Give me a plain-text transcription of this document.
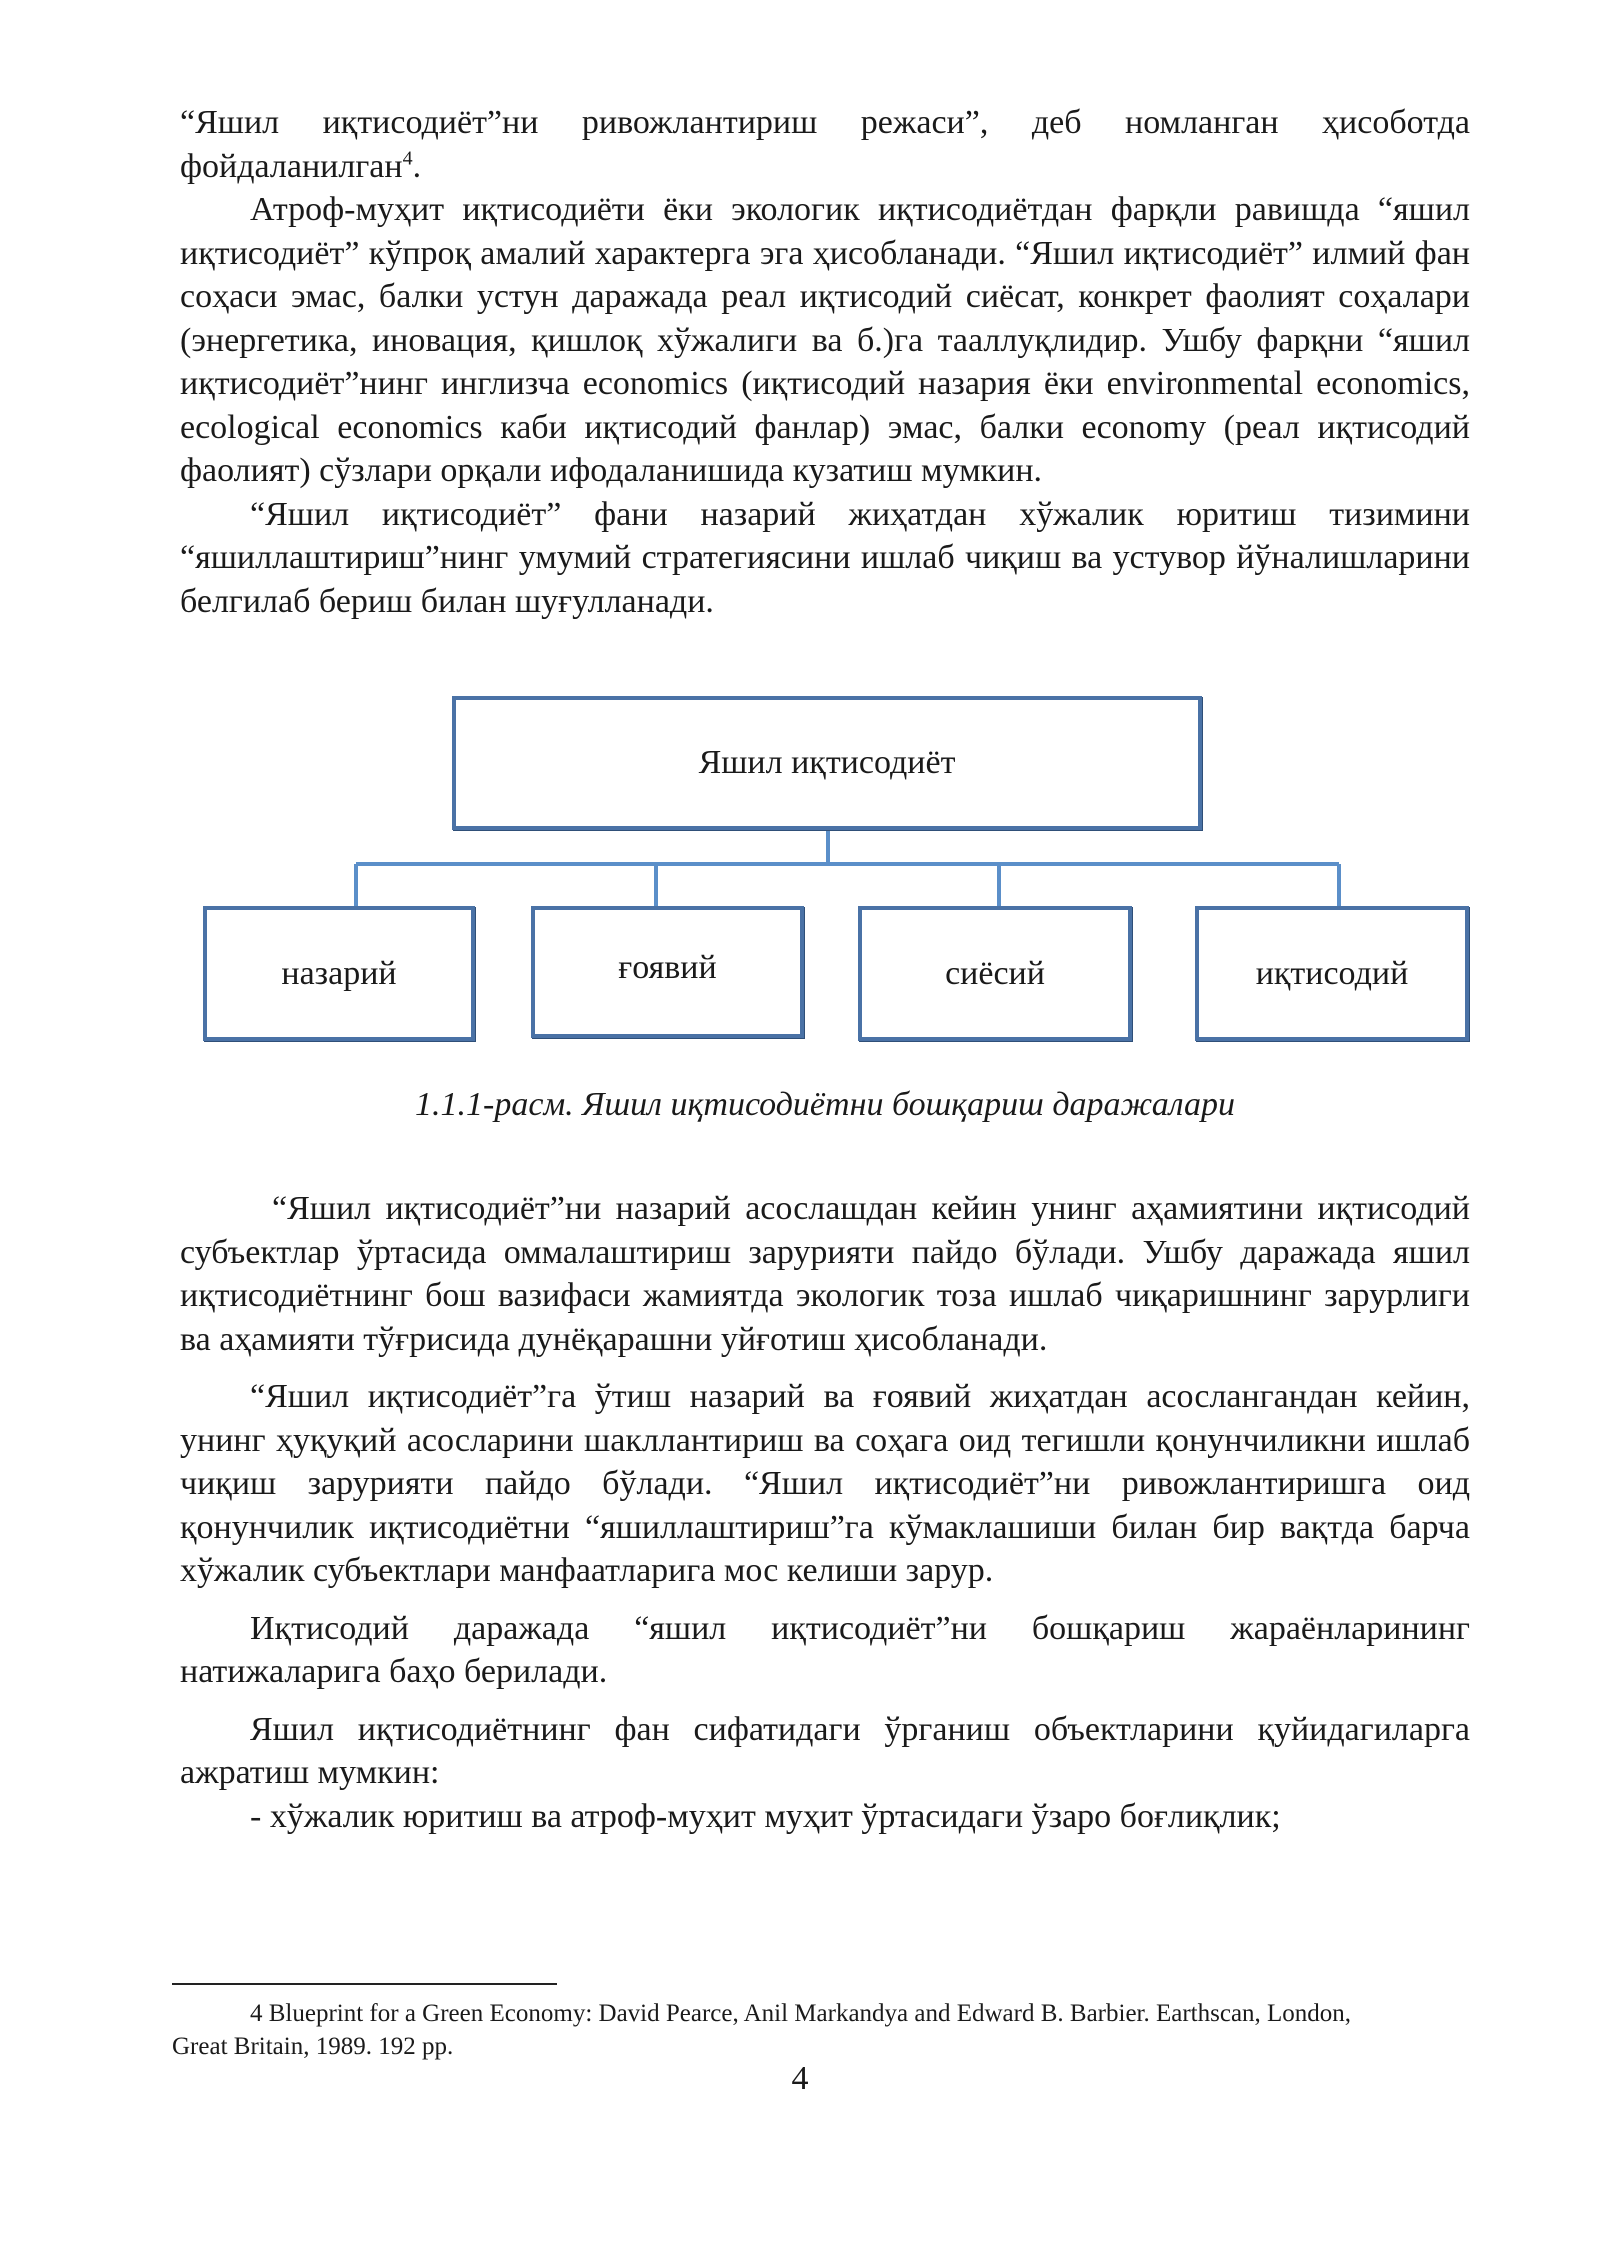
“Яшил иқтисодиёт”ни ривожлантириш режаси”, деб номланган ҳисоботда фойдаланилган$^4$.

Атроф-муҳит иқтисодиёти ёки экологик иқтисодиётдан фарқли равишда “яшил иқтисодиёт” кўпроқ амалий характерга эга ҳисобланади. “Яшил иқтисодиёт” илмий фан соҳаси эмас, балки устун даражада реал иқтисодий сиёсат, конкрет фаолият соҳалари (энергетика, иновация, қишлоқ хўжалиги ва б.)га тааллуқлидир. Ушбу фарқни “яшил иқтисодиёт”нинг инглизча economics (иқтисодий назария ёки environmental economics, ecological economics каби иқтисодий фанлар) эмас, балки economy (реал иқтисодий фаолият) сўзлари орқали ифодаланишида кузатиш мумкин.

“Яшил иқтисодиёт” фани назарий жиҳатдан хўжалик юритиш тизимини “яшиллаштириш”нинг умумий стратегиясини ишлаб чиқиш ва устувор йўналишларини белгилаб бериш билан шуғулланади.

Яшил иқтисодиёт
назарий	ғоявий	сиёсий	иқтисодий
1.1.1-расм. Яшил иқтисодиётни бошқариш даражалари

“Яшил иқтисодиёт”ни назарий асослашдан кейин унинг аҳамиятини иқтисодий субъектлар ўртасида оммалаштириш зарурияти пайдо бўлади. Ушбу даражада яшил иқтисодиётнинг бош вазифаси жамиятда экологик тоза ишлаб чиқаришнинг зарурлиги ва аҳамияти тўғрисида дунёқарашни уйғотиш ҳисобланади.

“Яшил иқтисодиёт”га ўтиш назарий ва ғоявий жиҳатдан асослангандан кейин, унинг ҳуқуқий асосларини шакллантириш ва соҳага оид тегишли қонунчиликни ишлаб чиқиш зарурияти пайдо бўлади. “Яшил иқтисодиёт”ни ривожлантиришга оид қонунчилик иқтисодиётни “яшиллаштириш”га кўмаклашиши билан бир вақтда барча хўжалик субъектлари манфаатларига мос келиши зарур.

Иқтисодий даражада “яшил иқтисодиёт”ни бошқариш жараёнларининг натижаларига баҳо берилади.

Яшил иқтисодиётнинг фан сифатидаги ўрганиш объектларини қуйидагиларга ажратиш мумкин:

- хўжалик юритиш ва атроф-муҳит муҳит ўртасидаги ўзаро боғлиқлик;

4 Blueprint for a Green Economy: David Pearce, Anil Markandya and Edward B. Barbier. Earthscan, London,
Great Britain, 1989. 192 pp.
4
